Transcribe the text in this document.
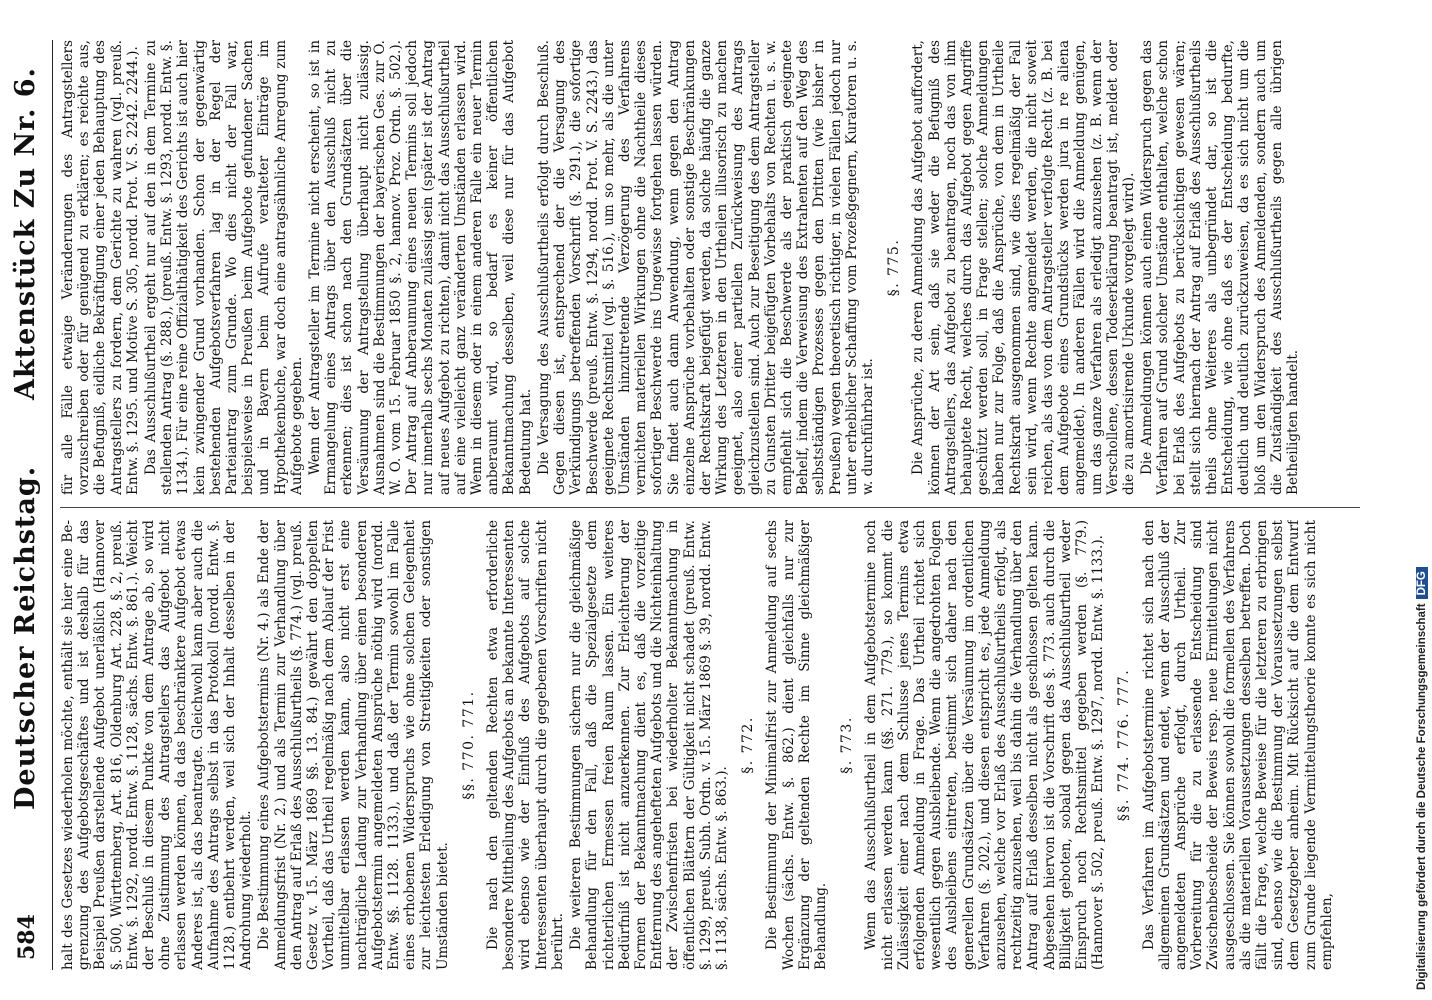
584
Deutscher Reichstag.
Aktenstück Zu Nr. 6.

halt des Gesetzes wiederholen möchte, enthält sie hier eine Be-grenzung des Aufgebotsgeschäftes und ist deshalb für das Beispiel Preußen darstellende Aufgebot unerläßlich (Hannover §. 500, Württemberg, Art. 816, Oldenburg Art. 228, §. 2, preuß. Entw. §. 1292, nordd. Entw. §. 1128, sächs. Entw. §. 861.). Weicht der Beschluß in diesem Punkte von dem Antrage ab, so wird ohne Zustimmung des Antragstellers das Aufgebot nicht erlassen werden können, da das beschränktere Aufgebot etwas Anderes ist, als das beantragte. Gleichwohl kann aber auch die Aufnahme des Antrags selbst in das Protokoll (nordd. Entw. §. 1128.) entbehrt werden, weil sich der Inhalt desselben in der Androhung wiederholt. Die Bestimmung eines Aufgebotstermins (Nr. 4.) als Ende der Anmeldungsfrist (Nr. 2.) und als Termin zur Verhandlung über den Antrag auf Erlaß des Ausschlußurtheils (§. 774.) (vgl. preuß. Gesetz v. 15. März 1869 §§. 13. 84.) gewährt den doppelten Vortheil, daß das Urtheil regelmäßig nach dem Ablauf der Frist unmittelbar erlassen werden kann, also nicht erst eine nachträgliche Ladung zur Verhandlung über einen besonderen Aufgebotstermin angemeldeten Ansprüche nöthig wird (nordd. Entw. §§. 1128. 1133.), und daß der Termin sowohl im Falle eines erhobenen Widerspruchs wie ohne solchen Gelegenheit zur leichtesten Erledigung von Streitigkeiten oder sonstigen Umständen bietet.

§§. 770. 771. Die nach den geltenden Rechten etwa erforderliche besondere Mittheilung des Aufgebots an bekannte Interessenten wird ebenso wie der Einfluß des Aufgebots auf solche Interessenten überhaupt durch die gegebenen Vorschriften nicht berührt. Die weiteren Bestimmungen sichern nur die gleichmäßige Behandlung für den Fall, daß die Spezialgesetze dem richterlichen Ermessen freien Raum lassen. Ein weiteres Bedürfniß ist nicht anzuerkennen. Zur Erleichterung der Formen der Bekanntmachung dient es, daß die vorzeitige Entfernung des angehefteten Aufgebots und die Nichteinhaltung der Zwischenfristen bei wiederholter Bekanntmachung in öffentlichen Blättern der Gültigkeit nicht schadet (preuß. Entw. §. 1299, preuß. Subh. Ordn. v. 15. März 1869 §. 39, nordd. Entw. §. 1138, sächs. Entw. §. 863.).

§. 772. Die Bestimmung der Minimalfrist zur Anmeldung auf sechs Wochen (sächs. Entw. §. 862.) dient gleichfalls nur zur Ergänzung der geltenden Rechte im Sinne gleichmäßiger Behandlung.

§. 773. Wenn das Ausschlußurtheil in dem Aufgebotstermine noch nicht erlassen werden kann (§§. 271. 779.), so kommt die Zulässigkeit einer nach dem Schlusse jenes Termins etwa erfolgenden Anmeldung in Frage. Das Urtheil richtet sich wesentlich gegen Ausbleibende. Wenn die angedrohten Folgen des Ausbleibens eintreten, bestimmt sich daher nach den generellen Grundsätzen über die Versäumung im ordentlichen Verfahren (§. 202.), und diesen entspricht es, jede Anmeldung anzusehen, welche vor Erlaß des Ausschlußurtheils erfolgt, als rechtzeitig anzusehen, weil bis dahin die Verhandlung über den Antrag auf Erlaß desselben nicht als geschlossen gelten kann. Abgesehen hiervon ist die Vorschrift des §. 773. auch durch die Billigkeit geboten, sobald gegen das Ausschlußurtheil weder Einspruch noch Rechtsmittel gegeben werden (§. 779.) (Hannover §. 502, preuß. Entw. §. 1297, nordd. Entw. §. 1133.). §§. 774. 776. 777. Das Verfahren im Aufgebotstermine richtet sich nach den allgemeinen Grundsätzen und endet, wenn der Ausschluß der angemeldeten Ansprüche erfolgt, durch Urtheil. Zur Vorbereitung für die zu erlassende Entscheidung sind Zwischenbescheide der Beweis resp. neue Ermittelungen nicht ausgeschlossen. Sie können sowohl die formellen des Verfahrens als die materiellen Voraussetzungen desselben betreffen. Doch fällt die Frage, welche Beweise für die letzteren zu erbringen sind, ebenso wie die Bestimmung der Voraussetzungen selbst dem Gesetzgeber anheim. Mit Rücksicht auf die dem Entwurf zum Grunde liegende Vermittelungstheorie konnte es sich nicht empfehlen,

für alle Fälle etwaige Veränderungen des Antragstellers vorzuschreiben oder für genügend zu erklären; es reichte aus, die Befugniß, eidliche Bekräftigung einer jeden Behauptung des Antragstellers zu fordern, dem Gerichte zu wahren (vgl. preuß. Entw. §. 1295. und Motive S. 305, nordd. Prot. V. S. 2242. 2244.). Das Ausschlußurtheil ergeht nur auf den in dem Termine zu stellenden Antrag (§. 288.), (preuß. Entw. §. 1293, nordd. Entw. §. 1134.). Für eine reine Offizialthätigkeit des Gerichts ist auch hier kein zwingender Grund vorhanden. Schon der gegenwärtig bestehenden Aufgebotsverfahren lag in der Regel der Parteiantrag zum Grunde. Wo dies nicht der Fall war, beispielsweise in Preußen beim Aufgebote gefundener Sachen und in Bayern beim Aufrufe veralteter Einträge im Hypothekenbuche, war doch eine antragsähnliche Anregung zum Aufgebote gegeben. Wenn der Antragsteller im Termine nicht erscheint, so ist in Ermangelung eines Antrags über den Ausschluß nicht zu erkennen; dies ist schon nach den Grundsätzen über die Versäumung der Antragstellung überhaupt nicht zulässig. Ausnahmen sind die Bestimmungen der bayerischen Ges. zur O. W. O. vom 15. Februar 1850 §. 2, hannov. Proz. Ordn. §. 502.). Der Antrag auf Anberaumung eines neuen Termins soll jedoch nur innerhalb sechs Monaten zulässig sein (später ist der Antrag auf neues Aufgebot zu richten), damit nicht das Ausschlußurtheil auf eine vielleicht ganz veränderten Umständen erlassen wird. Wenn in diesem oder in einem anderen Falle ein neuer Termin anberaumt wird, so bedarf es keiner öffentlichen Bekanntmachung desselben, weil diese nur für das Aufgebot Bedeutung hat. Die Versagung des Ausschlußurtheils erfolgt durch Beschluß. Gegen diesen ist, entsprechend der die Versagung des Verkündigungs betreffenden Vorschrift (§. 291.), die sofortige Beschwerde (preuß. Entw. §. 1294, nordd. Prot. V. S. 2243.) das geeignete Rechtsmittel (vgl. §. 516.), um so mehr, als die unter Umständen hinzutretende Verzögerung des Verfahrens vernichten materiellen Wirkungen ohne die Nachtheile dieses sofortiger Beschwerde ins Ungewisse fortgehen lassen würden. Sie findet auch dann Anwendung, wenn gegen den Antrag einzelne Ansprüche vorbehalten oder sonstige Beschränkungen der Rechtskraft beigefügt werden, da solche häufig die ganze Wirkung des Letzteren in den Urtheilen illusorisch zu machen geeignet, also einer partiellen Zurückweisung des Antrags gleichzustellen sind. Auch zur Beseitigung des dem Antragsteller zu Gunsten Dritter beigefügten Vorbehalts von Rechten u. s. w. empfiehlt sich die Beschwerde als der praktisch geeignete Behelf, indem die Verweisung des Extrahenten auf den Weg des selbstständigen Prozesses gegen den Dritten (wie bisher in Preußen) wegen theoretisch richtiger, in vielen Fällen jedoch nur unter erheblicher Schaffung vom Prozeßgegnern, Kuratoren u. s. w. durchführbar ist.

§. 775. Die Ansprüche, zu deren Anmeldung das Aufgebot auffordert, können der Art sein, daß sie weder die Befugniß des Antragstellers, das Aufgebot zu beantragen, noch das von ihm behauptete Recht, welches durch das Aufgebot gegen Angriffe geschützt werden soll, in Frage stellen; solche Anmeldungen haben nur zur Folge, daß die Ansprüche, von dem in Urtheile Rechtskraft ausgenommen sind, wie dies regelmäßig der Fall sein wird, wenn Rechte angemeldet werden, die nicht soweit reichen, als das von dem Antragsteller verfolgte Recht (z. B. bei dem Aufgebote eines Grundstücks werden jura in re aliena angemeldet). In anderen Fällen wird die Anmeldung genügen, um das ganze Verfahren als erledigt anzusehen (z. B. wenn der Verschollene, dessen Todeserklärung beantragt ist, meldet oder die zu amortisirende Urkunde vorgelegt wird). Die Anmeldungen können auch einen Widerspruch gegen das Verfahren auf Grund solcher Umstände enthalten, welche schon bei Erlaß des Aufgebots zu berücksichtigen gewesen wären; stellt sich hiernach der Antrag auf Erlaß des Ausschlußurtheils theils ohne Weiteres als unbegründet dar, so ist die Entscheidung, wie ohne daß es der Entscheidung bedurfte, deutlich und deutlich zurückzuweisen, da es sich nicht um die bloß um den Widerspruch des Anmeldenden, sondern auch um die Zuständigkeit des Ausschlußurtheils gegen alle übrigen Betheiligten handelt.

Digitalisierung gefördert durch die Deutsche ForschungsgemeinschaftDFG
